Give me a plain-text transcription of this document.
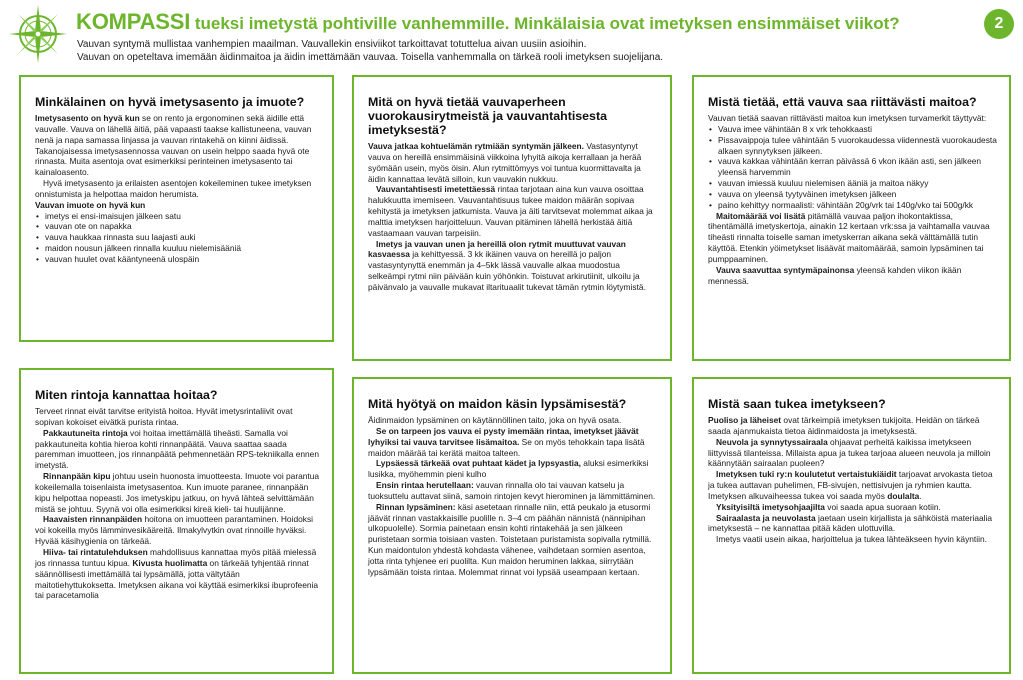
KOMPASSI tueksi imetystä pohtiville vanhemmille. Minkälaisia ovat imetyksen ensimmäiset viikot?	2

Vauvan syntymä mullistaa vanhempien maailman. Vauvallekin ensiviikot tarkoittavat totuttelua aivan uusiin asioihin.

Vauvan on opeteltava imemään äidinmaitoa ja äidin imettämään vauvaa. Toisella vanhemmalla on tärkeä rooli imetyksen suojelijana.

Minkälainen on hyvä imetysasento ja imuote?

Imetysasento on hyvä kun se on rento ja ergonominen sekä äidille että vauvalle. Vauva on lähellä äitiä, pää vapaasti taakse kallistuneena, vauvan nenä ja napa samassa linjassa ja vauvan rintakehä on kiinni äidissä. Takanojaisessa imetysasennossa vauvan on usein helppo saada hyvä ote rinnasta. Muita asentoja ovat esimerkiksi perinteinen imetysasento tai kainaloasento.

Hyvä imetysasento ja erilaisten asentojen kokeileminen tukee imetyksen onnistumista ja helpottaa maidon herumista.

Vauvan imuote on hyvä kun

• imetys ei ensi-imaisujen jälkeen satu
• vauvan ote on napakka
• vauva haukkaa rinnasta suu laajasti auki
• maidon nousun jälkeen rinnalla kuuluu nielemisääniä
• vauvan huulet ovat kääntyneenä ulospäin
Mitä on hyvä tietää vauvaperheen vuorokausirytmeistä ja vauvantahtisesta imetyksestä?

Vauva jatkaa kohtuelämän rytmiään syntymän jälkeen. Vastasyntynyt vauva on hereillä ensimmäisinä viikkoina lyhyitä aikoja kerrallaan ja herää syömään usein, myös öisin. Alun rytmittömyys voi tuntua kuormittavalta ja äidin kannattaa levätä silloin, kun vauvakin nukkuu.

Vauvantahtisesti imetettäessä rintaa tarjotaan aina kun vauva osoittaa halukkuutta imemiseen. Vauvantahtisuus tukee maidon määrän sopivaa kehitystä ja imetyksen jatkumista. Vauva ja äiti tarvitsevat molemmat aikaa ja malttia imetyksen harjoitteluun. Vauvan pitäminen lähellä herkistää äitiä vastaamaan vauvan tarpeisiin.

Imetys ja vauvan unen ja hereillä olon rytmit muuttuvat vauvan kasvaessa ja kehittyessä. 3 kk ikäinen vauva on hereillä jo paljon vastasyntynyttä enemmän ja 4–5kk lässä vauvalle alkaa muodostua selkeämpi rytmi niin päivään kuin yöhönkin. Toistuvat arkirutiinit, ulkoilu ja päivänvalo ja vauvalle mukavat iltarituaalit tukevat tämän rytmin löytymistä.

Mistä tietää, että vauva saa riittävästi maitoa?

Vauvan tietää saavan riittävästi maitoa kun imetyksen turvamerkit täyttyvät:

• Vauva imee vähintään 8 x vrk tehokkaasti
• Pissavaippoja tulee vähintään 5 vuorokaudessa viidennestä vuorokaudesta alkaen synnytyksen jälkeen.
• vauva kakkaa vähintään kerran päivässä 6 vkon ikään asti, sen jälkeen yleensä harvemmin
• vauvan imiessä kuuluu nielemisen ääniä ja maitoa näkyy
• vauva on yleensä tyytyväinen imetyksen jälkeen
• paino kehittyy normaalisti: vähintään 20g/vrk tai 140g/vko tai 500g/kk

Maitomäärää voi lisätä pitämällä vauvaa paljon ihokontaktissa, tihentämällä imetyskertoja, ainakin 12 kertaan vrk:ssa ja vaihtamalla vauvaa tiheästi rinnalta toiselle saman imetyskerran aikana sekä välttämällä tutin käyttöä. Etenkin yöimetykset lisäävät maitomäärää, samoin lypsäminen tai pumppaaminen.

Vauva saavuttaa syntymäpainonsa yleensä kahden viikon ikään mennessä.

Miten rintoja kannattaa hoitaa?

Terveet rinnat eivät tarvitse erityistä hoitoa. Hyvät imetysrintaliivit ovat sopivan kokoiset eivätkä purista rintaa.

Pakkautuneita rintoja voi hoitaa imettämällä tiheästi. Samalla voi pakkautuneita kohtia hieroa kohti rinnanpäätä. Vauva saattaa saada paremman imuotteen, jos rinnanpäätä pehmennetään RPS-tekniikalla ennen imetystä.

Rinnanpään kipu johtuu usein huonosta imuotteesta. Imuote voi parantua kokeilemalla toisenlaista imetysasentoa. Kun imuote paranee, rinnanpään kipu helpottaa nopeasti. Jos imetyskipu jatkuu, on hyvä lähteä selvittämään mistä se johtuu. Syynä voi olla esimerkiksi kireä kieli- tai huulijänne.

Haavaisten rinnanpäiden hoitona on imuotteen parantaminen. Hoidoksi voi kokeilla myös lämminvesikääreitä. Ilmakylvytkin ovat rinnoille hyväksi. Hyvää käsihygienia on tärkeää.

Hiiva- tai rintatulehduksen mahdollisuus kannattaa myös pitää mielessä jos rinnassa tuntuu kipua. Kivusta huolimatta on tärkeää tyhjentää rinnat säännöllisesti imettämällä tai lypsämällä, jotta vältytään maitotiehyttukoksetta. Imetyksen aikana voi käyttää esimerkiksi ibuprofeenia tai paracetamolia

Mitä hyötyä on maidon käsin lypsämisestä?

Äidinmaidon lypsäminen on käytännöllinen taito, joka on hyvä osata.

Se on tarpeen jos vauva ei pysty imemään rintaa, imetykset jäävät lyhyiksi tai vauva tarvitsee lisämaitoa. Se on myös tehokkain tapa lisätä maidon määrää tai kerätä maitoa talteen.

Lypsäessä tärkeää ovat puhtaat kädet ja lypsyastia, aluksi esimerkiksi lusikka, myöhemmin pieni kulho

Ensin rintaa herutellaan: vauvan rinnalla olo tai vauvan katselu ja tuoksuttelu auttavat siinä, samoin rintojen kevyt hierominen ja lämmittäminen.

Rinnan lypsäminen: käsi asetetaan rinnalle niin, että peukalo ja etusormi jäävät rinnan vastakkaisille puolille n. 3–4 cm päähän nännistä (nännipihan ulkopuolelle). Sormia painetaan ensin kohti rintakehää ja sen jälkeen puristetaan sormia toisiaan vasten. Toistetaan puristamista sopivalla rytmillä. Kun maidontulon yhdestä kohdasta vähenee, vaihdetaan sormien asentoa, jotta rinta tyhjenee eri puolilta. Kun maidon heruminen lakkaa, siirrytään lypsämään toista rintaa. Molemmat rinnat voi lypsää useampaan kertaan.

Mistä saan tukea imetykseen?

Puoliso ja läheiset ovat tärkeimpiä imetyksen tukijoita. Heidän on tärkeä saada ajanmukaista tietoa äidinmaidosta ja imetyksestä.

Neuvola ja synnytyssairaala ohjaavat perheitä kaikissa imetykseen liittyvissä tilanteissa. Millaista apua ja tukea tarjoaa alueen neuvola ja milloin käännytään sairaalan puoleen?

Imetyksen tuki ry:n koulutetut vertaistukiäidit tarjoavat arvokasta tietoa ja tukea auttavan puhelimen, FB-sivujen, nettisivujen ja ryhmien kautta. Imetyksen alkuvaiheessa tukea voi saada myös doulalta.

Yksityisiltä imetysohjaajilta voi saada apua suoraan kotiin.

Sairaalasta ja neuvolasta jaetaan usein kirjallista ja sähköistä materiaalia imetyksestä – ne kannattaa pitää käden ulottuvilla.

Imetys vaatii usein aikaa, harjoittelua ja tukea lähteäkseen hyvin käyntiin.
